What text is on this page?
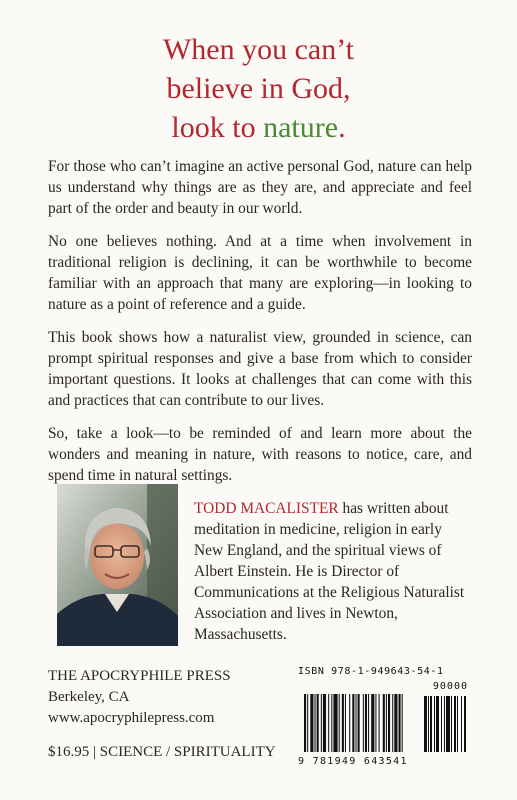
When you can’t
believe in God,
look to nature.

For those who can’t imagine an active personal God, nature can help us understand why things are as they are, and appreciate and feel part of the order and beauty in our world.

No one believes nothing. And at a time when involvement in traditional religion is declining, it can be worthwhile to become familiar with an approach that many are exploring—in looking to nature as a point of reference and a guide.

This book shows how a naturalist view, grounded in science, can prompt spiritual responses and give a base from which to consider important questions. It looks at challenges that can come with this and practices that can contribute to our lives.

So, take a look—to be reminded of and learn more about the wonders and meaning in nature, with reasons to notice, care, and spend time in natural settings.

TODD MACALISTER has written about meditation in medicine, religion in early New England, and the spiritual views of Albert Einstein. He is Director of Communications at the Religious Naturalist Association and lives in Newton, Massachusetts.
THE APOCRYPHILE PRESS
Berkeley, CA
www.apocryphilepress.com
$16.95 | SCIENCE / SPIRITUALITY
ISBN 978-1-949643-54-1
90000
9 781949 643541
